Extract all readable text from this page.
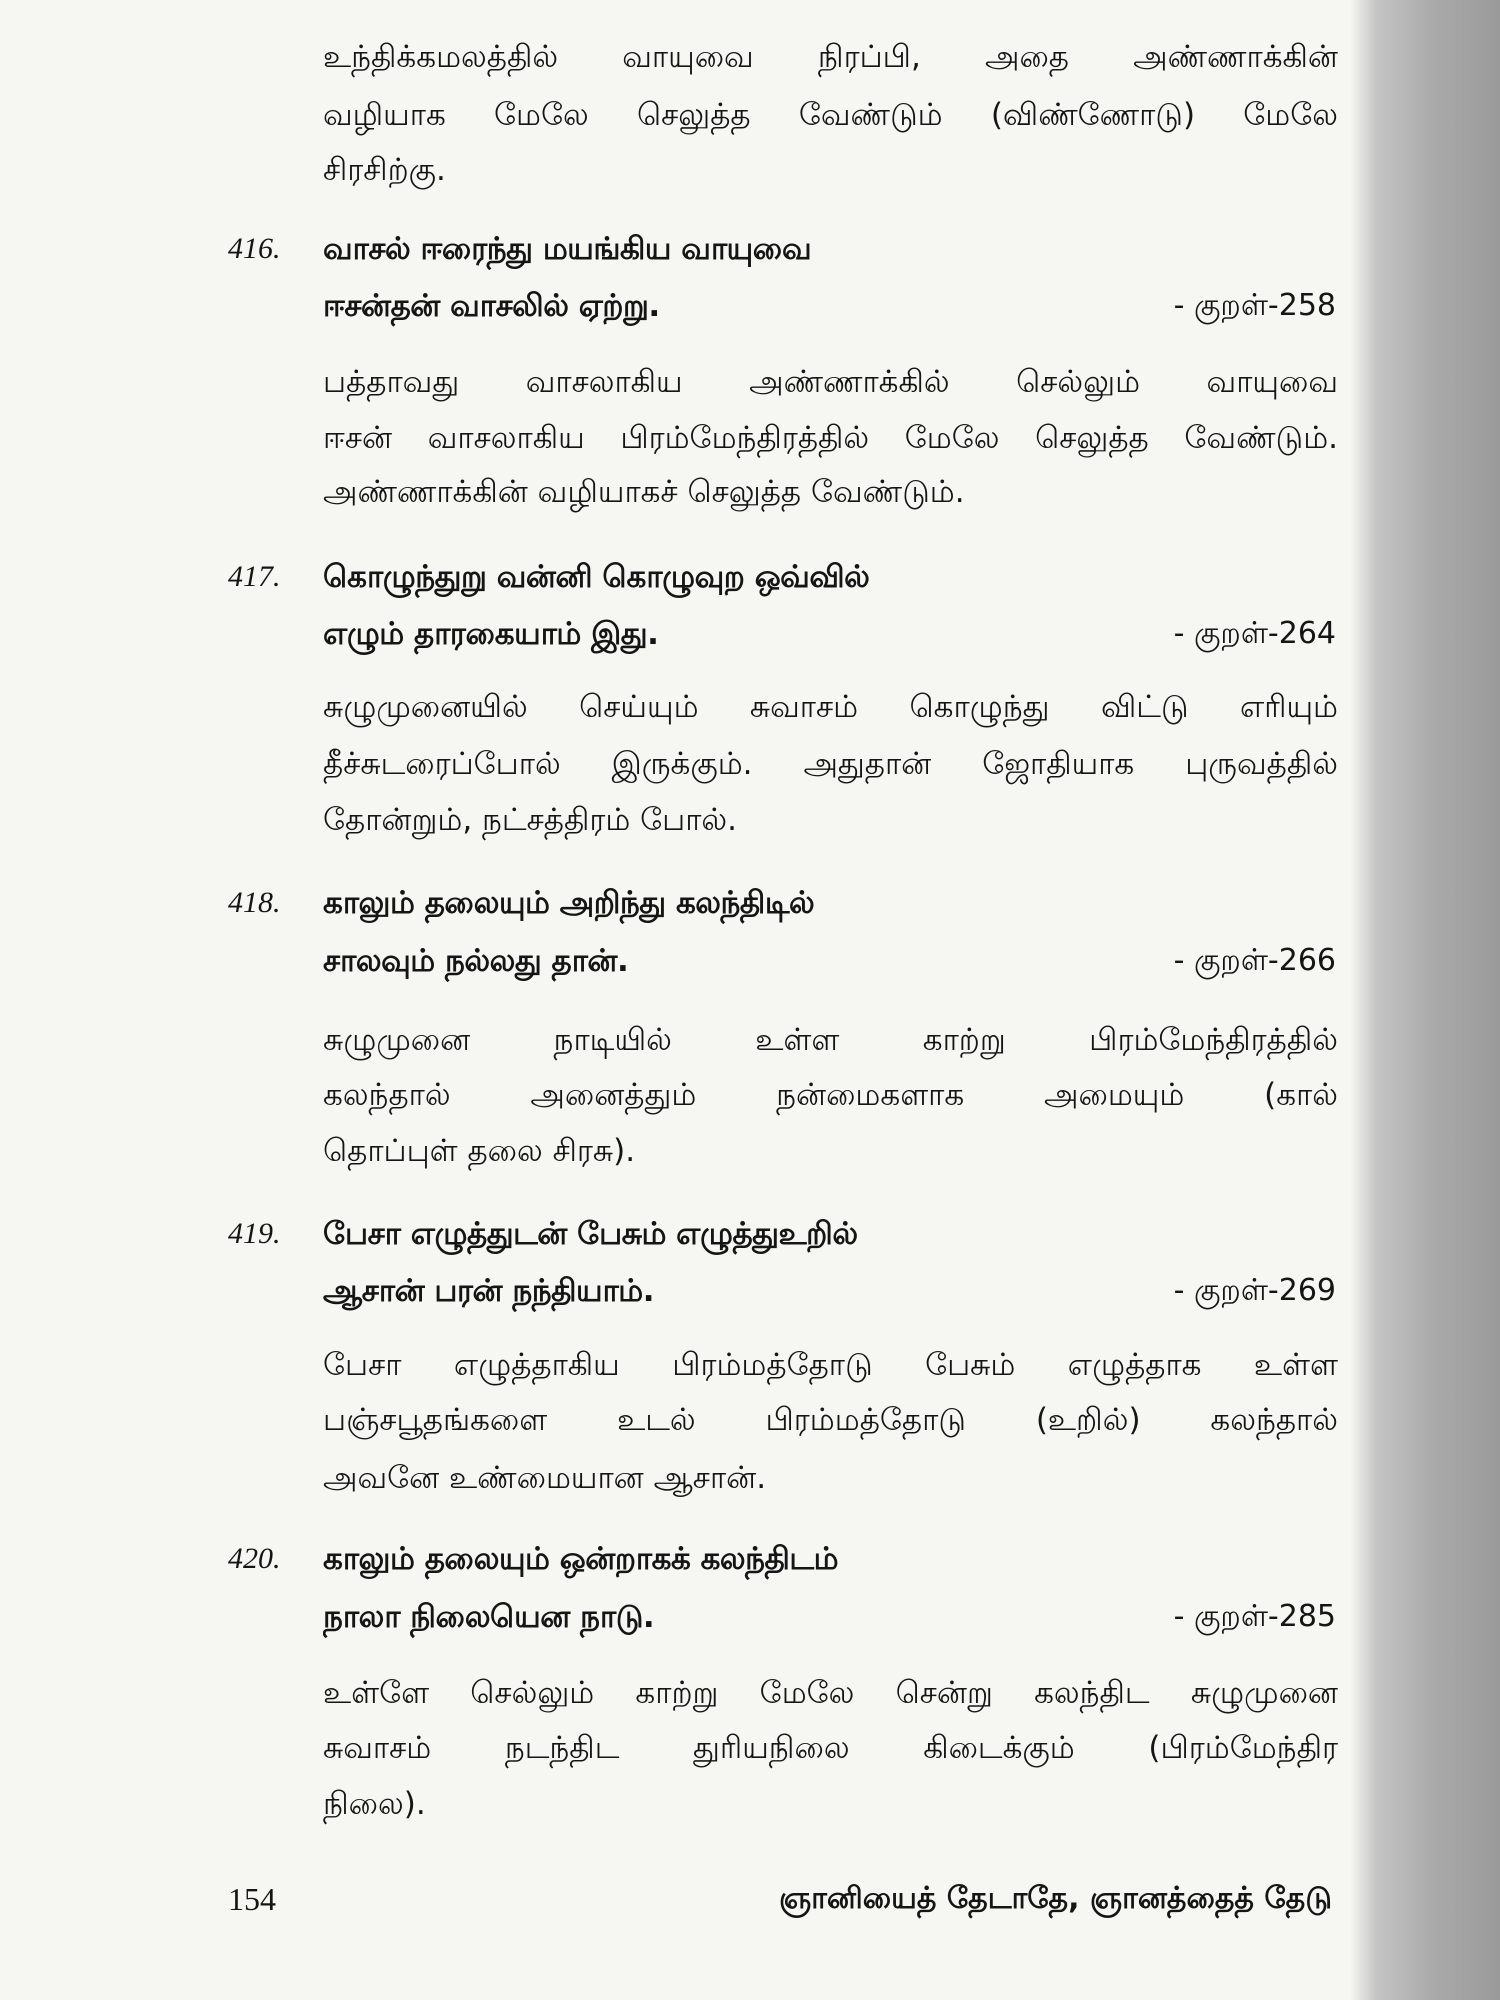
உந்திக்கமலத்தில் வாயுவை நிரப்பி, அதை அண்ணாக்கின்
வழியாக மேலே செலுத்த வேண்டும் (விண்ணோடு) மேலே
சிரசிற்கு.
416. வாசல் ஈரைந்து மயங்கிய வாயுவை
ஈசன்தன் வாசலில் ஏற்று.	- குறள்-258
பத்தாவது வாசலாகிய அண்ணாக்கில் செல்லும் வாயுவை
ஈசன் வாசலாகிய பிரம்மேந்திரத்தில் மேலே செலுத்த வேண்டும்.
அண்ணாக்கின் வழியாகச் செலுத்த வேண்டும்.
417. கொழுந்துறு வன்னி கொழுவுற ஒவ்வில்
எழும் தாரகையாம் இது.	- குறள்-264
சுழுமுனையில் செய்யும் சுவாசம் கொழுந்து விட்டு எரியும்
தீச்சுடரைப்போல் இருக்கும். அதுதான் ஜோதியாக புருவத்தில்
தோன்றும், நட்சத்திரம் போல்.
418. காலும் தலையும் அறிந்து கலந்திடில்
சாலவும் நல்லது தான்.	- குறள்-266
சுழுமுனை நாடியில் உள்ள காற்று பிரம்மேந்திரத்தில்
கலந்தால் அனைத்தும் நன்மைகளாக அமையும் (கால்
தொப்புள் தலை சிரசு).
419. பேசா எழுத்துடன் பேசும் எழுத்துஉறில்
ஆசான் பரன் நந்தியாம்.	- குறள்-269
பேசா எழுத்தாகிய பிரம்மத்தோடு பேசும் எழுத்தாக உள்ள
பஞ்சபூதங்களை உடல் பிரம்மத்தோடு (உறில்) கலந்தால்
அவனே உண்மையான ஆசான்.
420. காலும் தலையும் ஒன்றாகக் கலந்திடம்
நாலா நிலையென நாடு.	- குறள்-285
உள்ளே செல்லும் காற்று மேலே சென்று கலந்திட சுழுமுனை
சுவாசம் நடந்திட துரியநிலை கிடைக்கும் (பிரம்மேந்திர
நிலை).
154	ஞானியைத் தேடாதே, ஞானத்தைத் தேடு
